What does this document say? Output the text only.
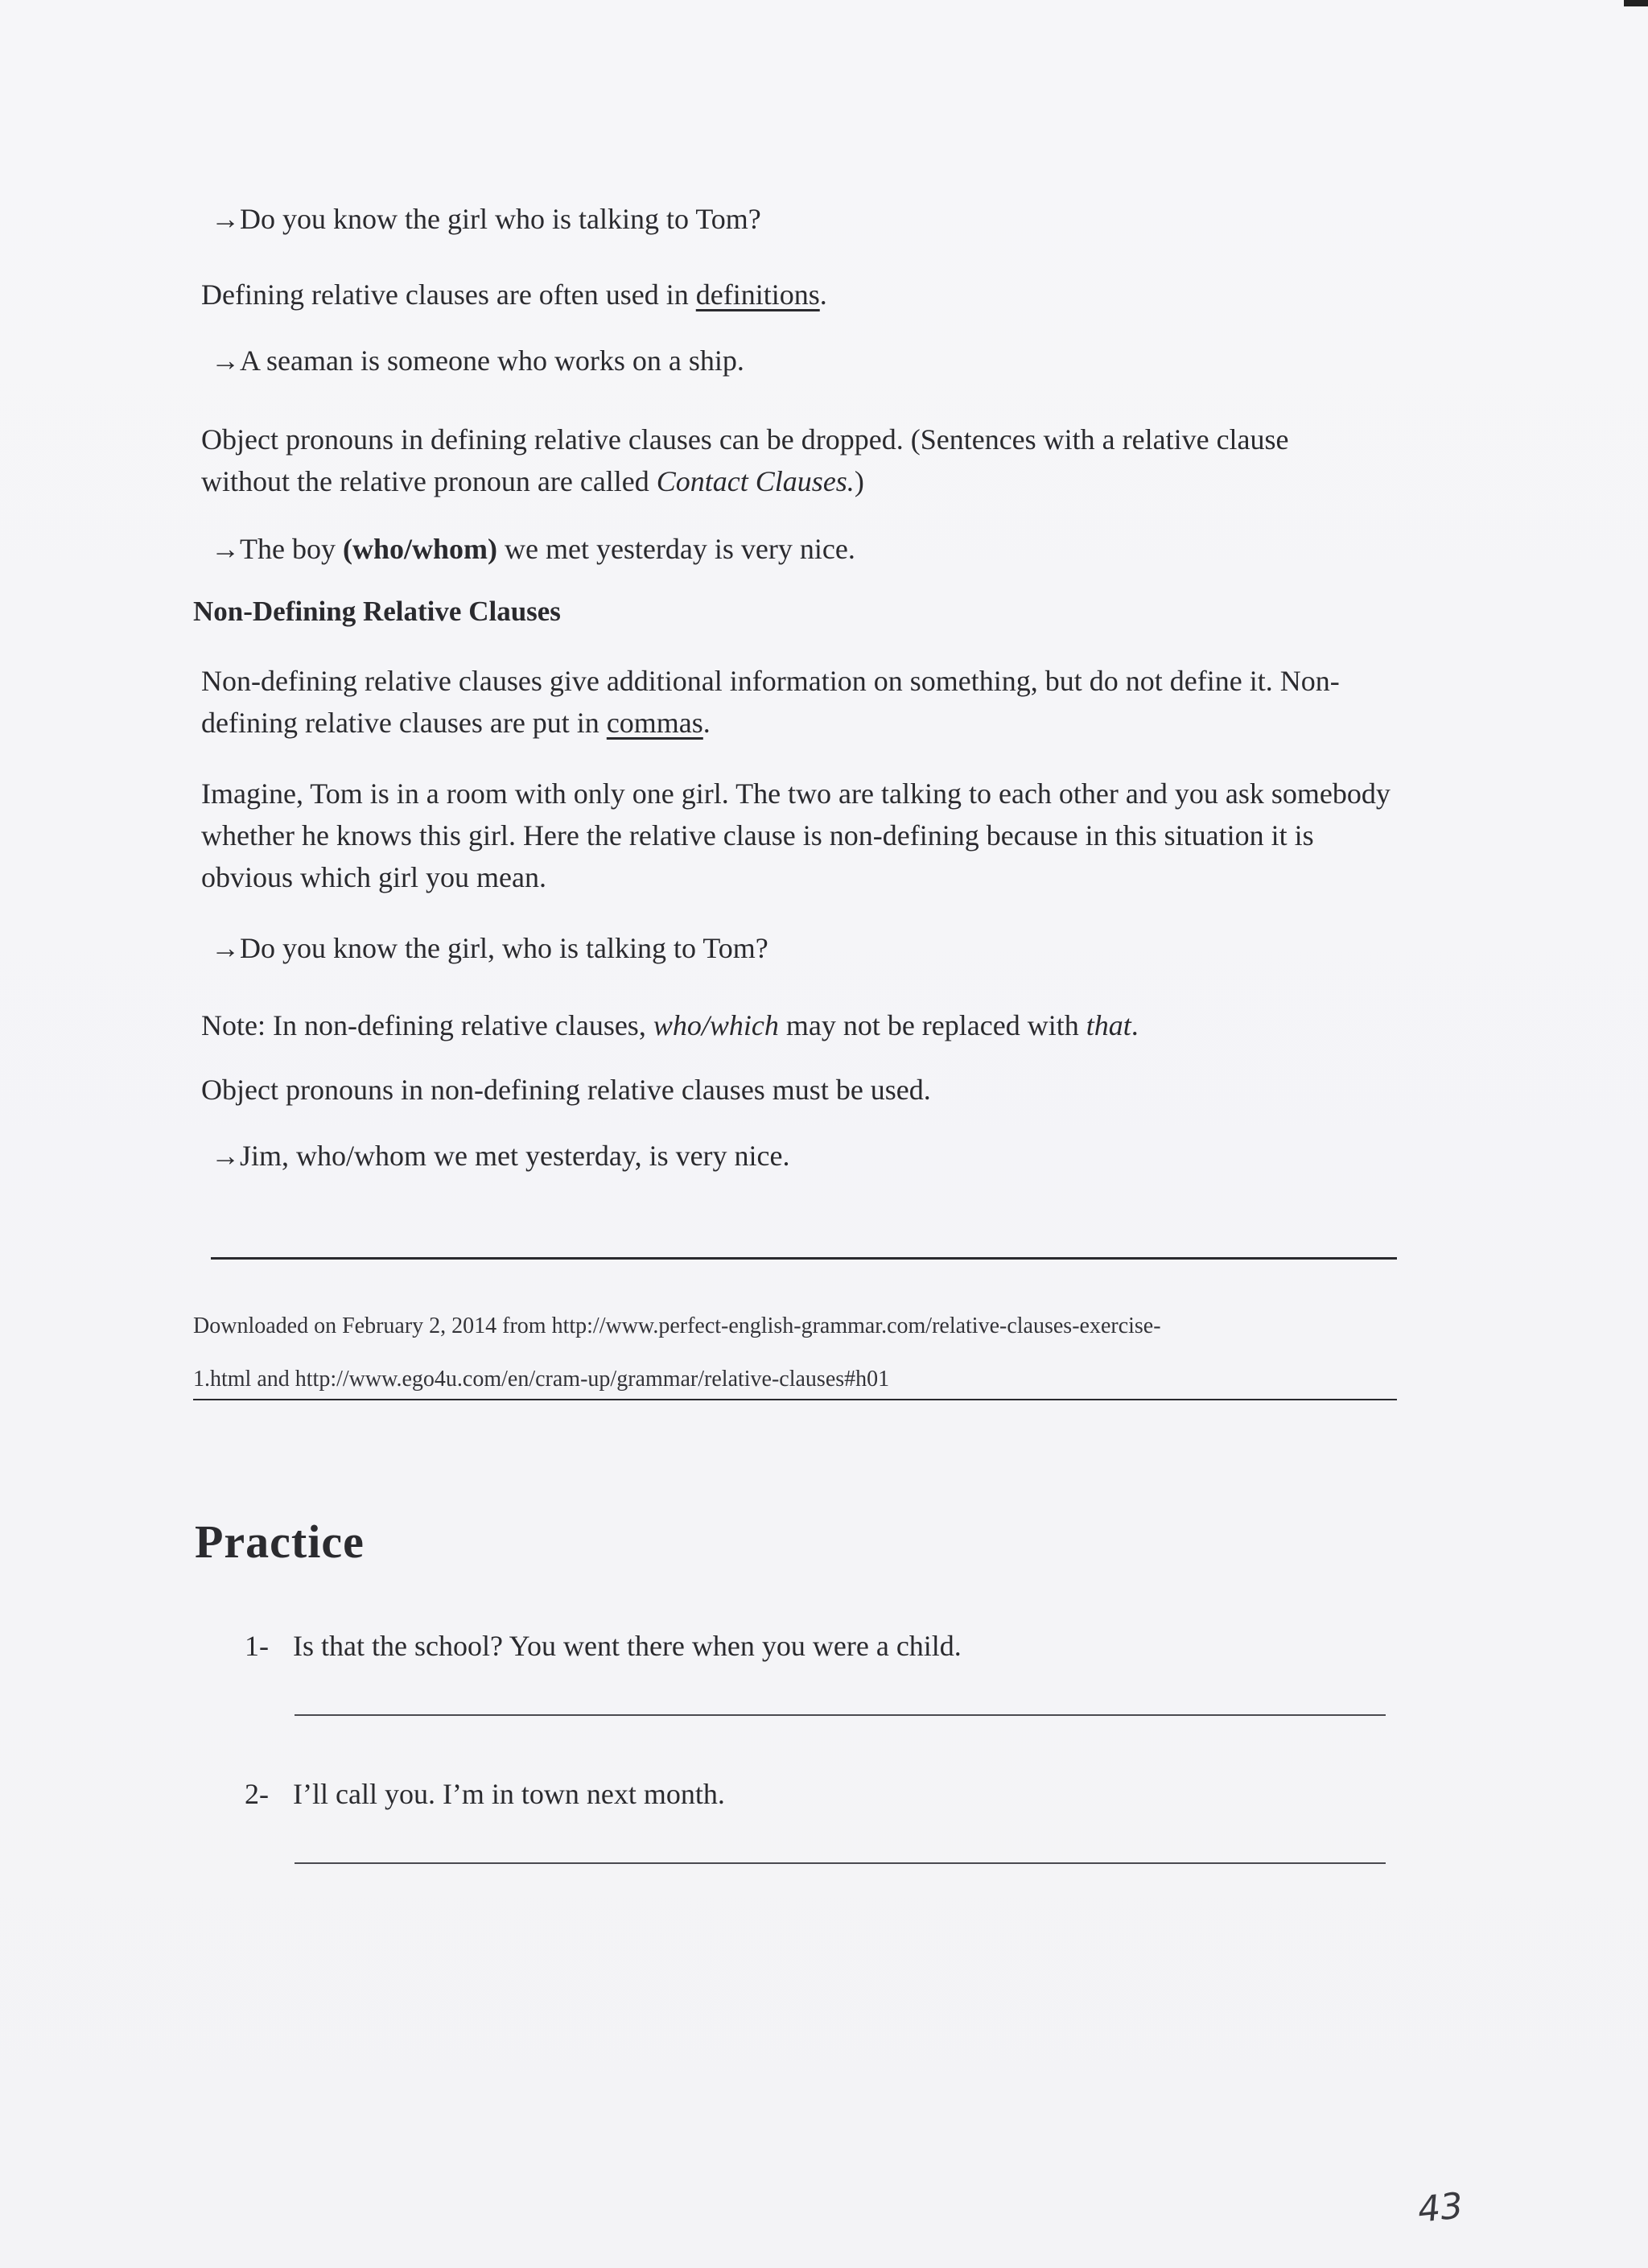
→Do you know the girl who is talking to Tom?
Defining relative clauses are often used in definitions.
→A seaman is someone who works on a ship.
Object pronouns in defining relative clauses can be dropped. (Sentences with a relative clause without the relative pronoun are called Contact Clauses.)
→The boy (who/whom) we met yesterday is very nice.
Non-Defining Relative Clauses
Non-defining relative clauses give additional information on something, but do not define it. Non-defining relative clauses are put in commas.
Imagine, Tom is in a room with only one girl. The two are talking to each other and you ask somebody whether he knows this girl. Here the relative clause is non-defining because in this situation it is obvious which girl you mean.
→Do you know the girl, who is talking to Tom?
Note: In non-defining relative clauses, who/which may not be replaced with that.
Object pronouns in non-defining relative clauses must be used.
→Jim, who/whom we met yesterday, is very nice.
Downloaded on February 2, 2014 from http://www.perfect-english-grammar.com/relative-clauses-exercise-
1.html and http://www.ego4u.com/en/cram-up/grammar/relative-clauses#h01
Practice
1- Is that the school? You went there when you were a child.
2- I’ll call you. I’m in town next month.
43
